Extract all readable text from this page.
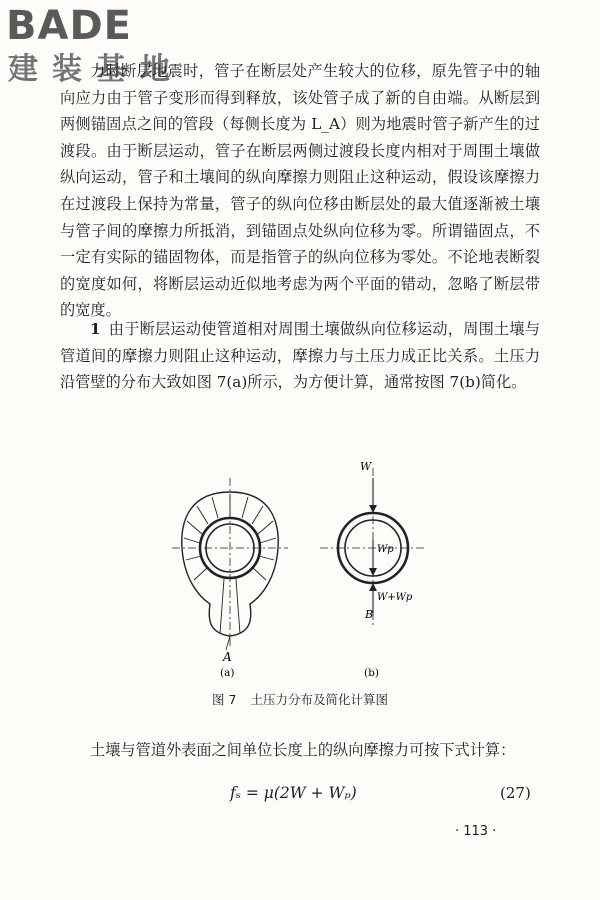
BADE
建装基地

力时断层地震时，管子在断层处产生较大的位移，原先管子中的轴向应力由于管子变形而得到释放，该处管子成了新的自由端。从断层到两侧锚固点之间的管段（每侧长度为 L_A）则为地震时管子新产生的过渡段。由于断层运动，管子在断层两侧过渡段长度内相对于周围土壤做纵向运动，管子和土壤间的纵向摩擦力则阻止这种运动，假设该摩擦力在过渡段上保持为常量，管子的纵向位移由断层处的最大值逐渐被土壤与管子间的摩擦力所抵消，到锚固点处纵向位移为零。所谓锚固点，不一定有实际的锚固物体，而是指管子的纵向位移为零处。不论地表断裂的宽度如何，将断层运动近似地考虑为两个平面的错动，忽略了断层带的宽度。

1 由于断层运动使管道相对周围土壤做纵向位移运动，周围土壤与管道间的摩擦力则阻止这种运动，摩擦力与土压力成正比关系。土压力沿管壁的分布大致如图 7(a)所示，为方便计算，通常按图 7(b)简化。

A
(a)
W
Wp
W+Wp
B
(b)
图 7 土压力分布及简化计算图

土壤与管道外表面之间单位长度上的纵向摩擦力可按下式计算：

fₛ = μ(2W + Wₚ)	(27)
· 113 ·
